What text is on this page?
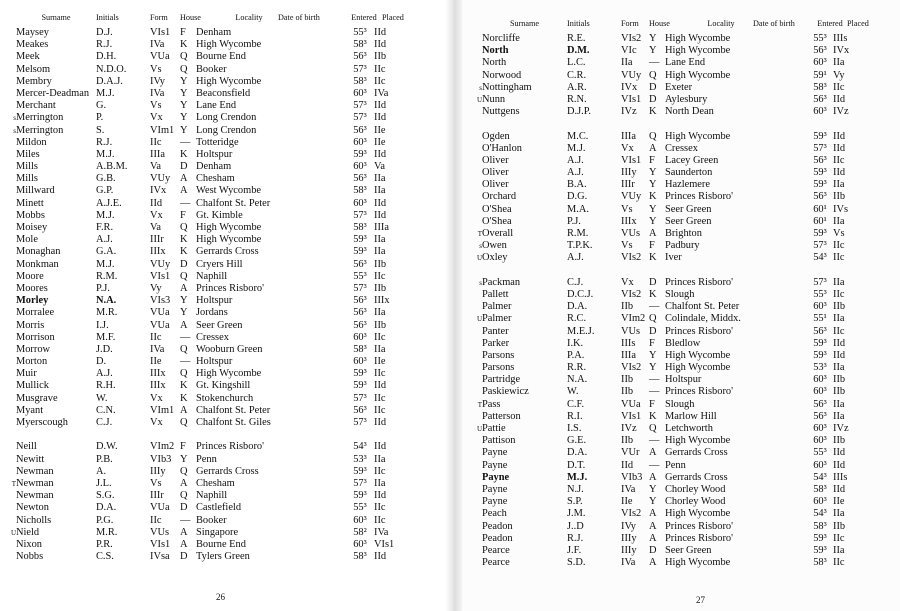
Surname	Initials	Form	House	Locality	Date of birth	Entered Placed
Maysey	D.J.	VIs1 F Denham	55³ IId
Meakes	R.J.	IVa	K High Wycombe	58³ IId
Meek	D.H.	VUa Q Bourne End	56³ IIb
Melsom	N.D.O.	Vs	Q Booker	57³ IIc
Membry	D.A.J.	IVy	Y High Wycombe	58³ IIc
Mercer-Deadman M.J.	IVa	Y Beaconsfield	60³ IVa
Merchant	G.	Vs	Y Lane End	57³ IId
s Merrington	P.	Vx	Y Long Crendon	57³ IId
s Merrington	S.	VIm1 Y Long Crendon	56³ IIe
Mildon	R.J.	IIc	— Totteridge	60³ IIe
Miles	M.J.	IIIa	K Holtspur	59³ IId
Mills	A.B.M.	Va	D Denham	60³ Va
Mills	G.B.	VUy A Chesham	56³ IIa
Millward	G.P.	IVx	A West Wycombe	58³ IIa
Minett	A.J.E.	IId	— Chalfont St. Peter	60³ IId
Mobbs	M.J.	Vx	F Gt. Kimble	57³ IId
Moisey	F.R.	Va	Q High Wycombe	58³ IIIa
Mole	A.J.	IIIr	K High Wycombe	59³ IIa
Monaghan	G.A.	IIIx	K Gerrards Cross	59³ IIa
Monkman	M.J.	VUy D Cryers Hill	56³ IIb
Moore	R.M.	VIs1 Q Naphill	55³ IIc
Moores	P.J.	Vy	A Princes Risboro'	57³ IIb
Morley	N.A.	VIs3 Y Holtspur	56³ IIIx
Morralee	M.R.	VUa Y Jordans	56³ IIa
Morris	I.J.	VUa A Seer Green	56³ IIb
Morrison	M.F.	IIc	— Cressex	60³ IIc
Morrow	J.D.	IVa	Q Wooburn Green	58³ IIa
Morton	D.	IIe	— Holtspur	60³ IIe
Muir	A.J.	IIIx	Q High Wycombe	59³ IIc
Mullick	R.H.	IIIx	K Gt. Kingshill	59³ IId
Musgrave	W.	Vx	K Stokenchurch	57³ IIc
Myant	C.N.	VIm1 A Chalfont St. Peter	56³ IIc
Myerscough	C.J.	Vx	Q Chalfont St. Giles	57³ IId
Neill	D.W.	VIm2 F Princes Risboro'	54³ IId
Newitt	P.B.	VIb3 Y Penn	53³ IIa
Newman	A.	IIIy	Q Gerrards Cross	59³ IIc
T Newman	J.L.	Vs	A Chesham	57³ IIa
Newman	S.G.	IIIr	Q Naphill	59³ IId
Newton	D.A.	VUa D Castlefield	55³ IIc
Nicholls	P.G.	IIc	— Booker	60³ IIc
U Nield	M.R.	VUs	A Singapore	58² IVa
Nixon	P.R.	VIs1 A Bourne End	60³ VIs1
Nobbs	C.S.	IVsa D Tylers Green	58³ IId
26
Surname	Initials	Form	House	Locality	Date of birth	Entered Placed
Norcliffe	R.E.	VIs2 Y High Wycombe	55³ IIIs
North	D.M.	VIc	Y High Wycombe	56³ IVx
North	L.C.	IIa	— Lane End	60³ IIa
Norwood	C.R.	VUy Q High Wycombe	59¹ Vy
s Nottingham	A.R.	IVx	D Exeter	58³ IIc
U Nunn	R.N.	VIs1 D Aylesbury	56³ IId
Nuttgens	D.J.P.	IVz	K North Dean	60³ IVz
Ogden	M.C.	IIIa	Q High Wycombe	59³ IId
O'Hanlon	M.J.	Vx	A Cressex	57³ IId
Oliver	A.J.	VIs1 F Lacey Green	56³ IIc
Oliver	A.J.	IIIy	Y Saunderton	59³ IId
Oliver	B.A.	IIIr	Y Hazlemere	59³ IIa
Orchard	D.G.	VUy K Princes Risboro'	56³ IIb
O'Shea	M.A.	Vs	Y Seer Green	60¹ IVs
O'Shea	P.J.	IIIx	Y Seer Green	60¹ IIa
T Overall	R.M.	VUs A Brighton	59³ Vs
s Owen	T.P.K.	Vs	F Padbury	57³ IIc
U Oxley	A.J.	VIs2 K Iver	54³ IIc
s Packman	C.J.	Vx	D Princes Risboro'	57³ IIa
Pallett	D.C.J.	VIs2 K Slough	55³ IIc
Palmer	D.A.	IIb	— Chalfont St. Peter	60³ IIb
U Palmer	R.C.	VIm2 Q Colindale, Middx.	55¹ IIa
Panter	M.E.J.	VUs D Princes Risboro'	56³ IIc
Parker	I.K.	IIIs	F Bledlow	59³ IId
Parsons	P.A.	IIIa	Y High Wycombe	59³ IId
Parsons	R.R.	VIs2 Y High Wycombe	53³ IIa
Partridge	N.A.	IIb	— Holtspur	60³ IIb
Paskiewicz	W.	IIb	— Princes Risboro'	60³ IIb
T Pass	C.F.	VUa F Slough	56³ IIa
Patterson	R.I.	VIs1 K Marlow Hill	56³ IIa
U Pattie	I.S.	IVz	Q Letchworth	60³ IVz
Pattison	G.E.	IIb	— High Wycombe	60³ IIb
Payne	D.A.	VUr A Gerrards Cross	55³ IId
Payne	D.T.	IId	— Penn	60³ IId
Payne	M.J.	VIb3 A Gerrards Cross	54³ IIIs
Payne	N.J.	IVa	Y Chorley Wood	58³ IId
Payne	S.P.	IIe	Y Chorley Wood	60³ IIe
Peach	J.M.	VIs2 A High Wycombe	54³ IIa
Peadon	J..D	IVy	A Princes Risboro'	58³ IIb
Peadon	R.J.	IIIy	A Princes Risboro'	59³ IIc
Pearce	J.F.	IIIy	D Seer Green	59³ IIa
Pearce	S.D.	IVa	A High Wycombe	58³ IIc
27
